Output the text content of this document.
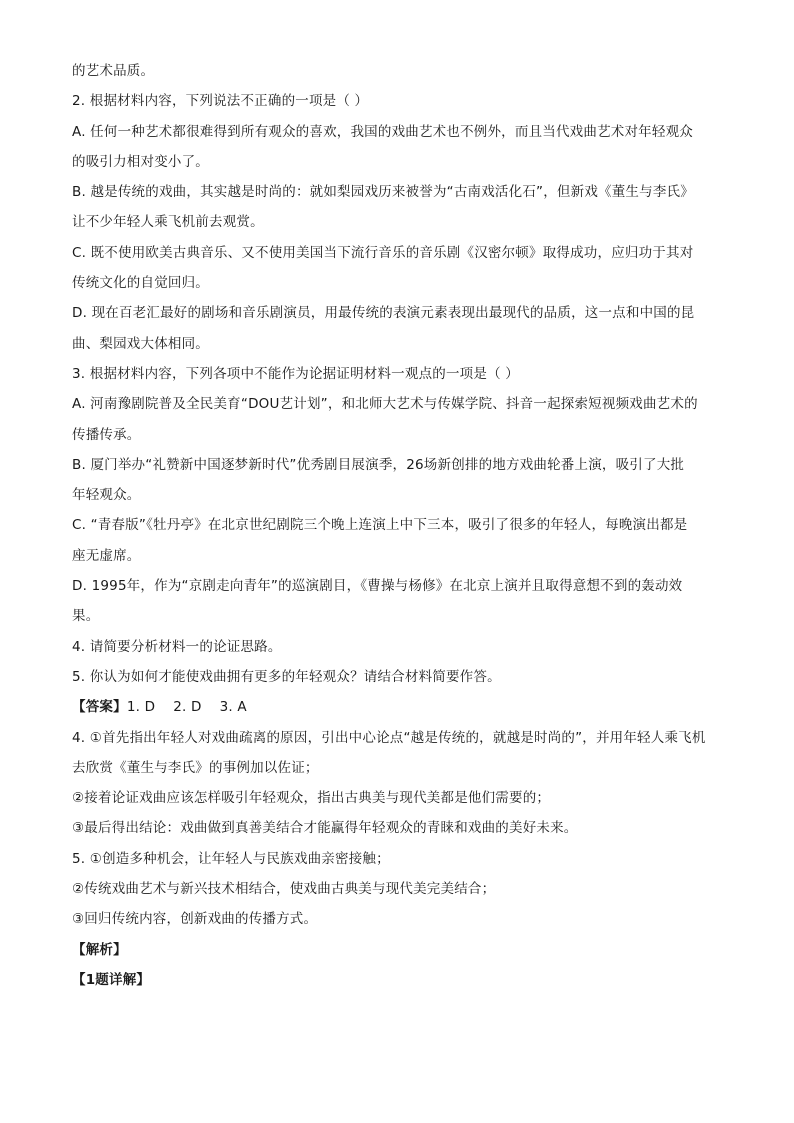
的艺术品质。
2. 根据材料内容，下列说法不正确的一项是（ ）
A. 任何一种艺术都很难得到所有观众的喜欢，我国的戏曲艺术也不例外，而且当代戏曲艺术对年轻观众
的吸引力相对变小了。
B. 越是传统的戏曲，其实越是时尚的：就如梨园戏历来被誉为“古南戏活化石”，但新戏《董生与李氏》
让不少年轻人乘飞机前去观赏。
C. 既不使用欧美古典音乐、又不使用美国当下流行音乐的音乐剧《汉密尔顿》取得成功，应归功于其对
传统文化的自觉回归。
D. 现在百老汇最好的剧场和音乐剧演员，用最传统的表演元素表现出最现代的品质，这一点和中国的昆
曲、梨园戏大体相同。
3. 根据材料内容，下列各项中不能作为论据证明材料一观点的一项是（ ）
A. 河南豫剧院普及全民美育“DOU艺计划”，和北师大艺术与传媒学院、抖音一起探索短视频戏曲艺术的
传播传承。
B. 厦门举办“礼赞新中国逐梦新时代”优秀剧目展演季，26场新创排的地方戏曲轮番上演，吸引了大批
年轻观众。
C. “青春版”《牡丹亭》在北京世纪剧院三个晚上连演上中下三本，吸引了很多的年轻人，每晚演出都是
座无虚席。
D. 1995年，作为“京剧走向青年”的巡演剧目，《曹操与杨修》在北京上演并且取得意想不到的轰动效
果。
4. 请简要分析材料一的论证思路。
5. 你认为如何才能使戏曲拥有更多的年轻观众？请结合材料简要作答。
【答案】1. D 2. D 3. A
4. ①首先指出年轻人对戏曲疏离的原因，引出中心论点“越是传统的，就越是时尚的”，并用年轻人乘飞机
去欣赏《董生与李氏》的事例加以佐证；
②接着论证戏曲应该怎样吸引年轻观众，指出古典美与现代美都是他们需要的；
③最后得出结论：戏曲做到真善美结合才能赢得年轻观众的青睐和戏曲的美好未来。
5. ①创造多种机会，让年轻人与民族戏曲亲密接触；
②传统戏曲艺术与新兴技术相结合，使戏曲古典美与现代美完美结合；
③回归传统内容，创新戏曲的传播方式。
【解析】
【1题详解】
